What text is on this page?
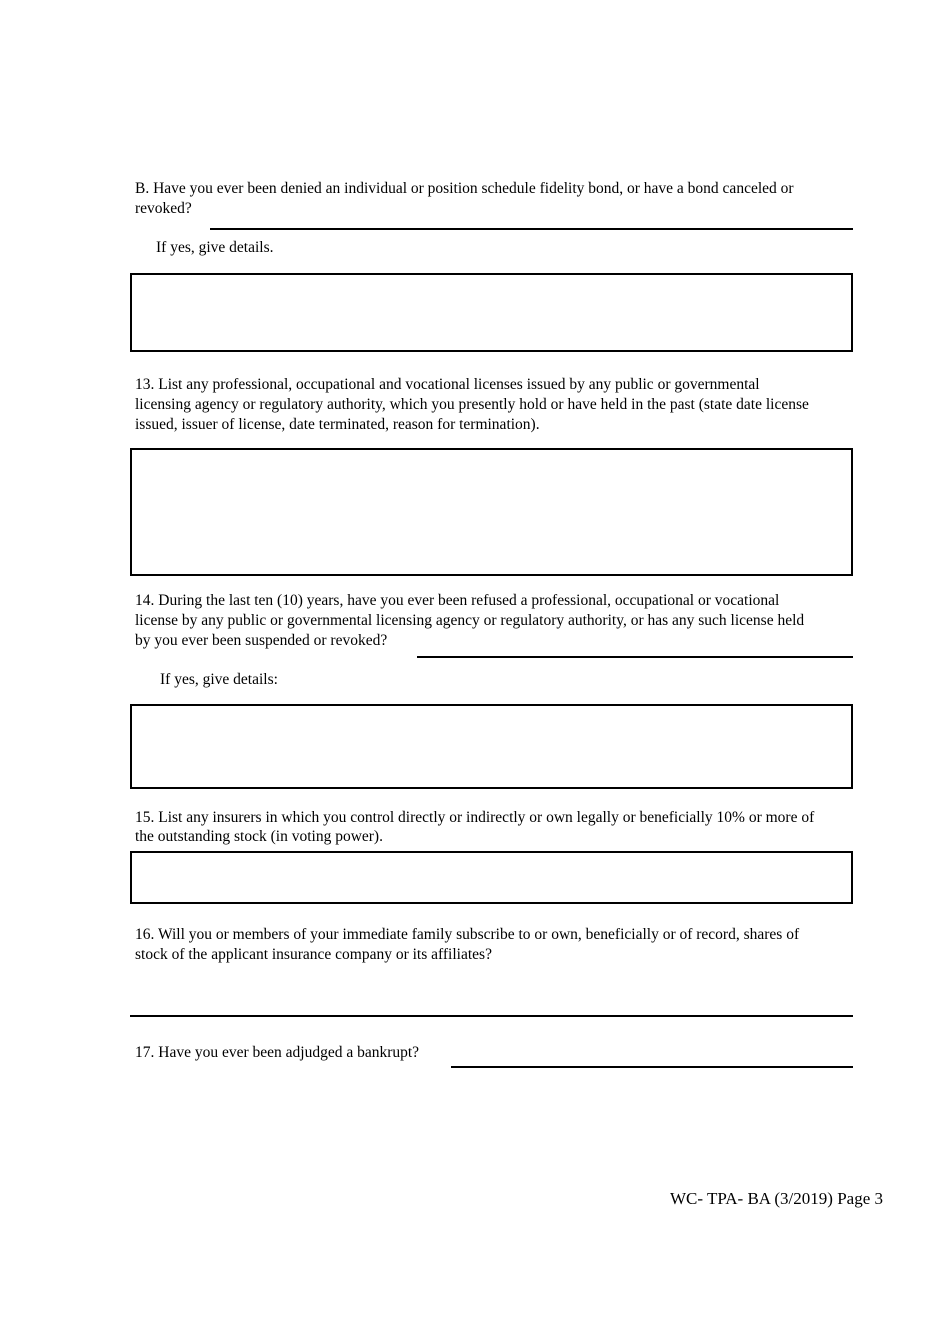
B. Have you ever been denied an individual or position schedule fidelity bond, or have a bond canceled or
revoked?
If yes, give details.
13. List any professional, occupational and vocational licenses issued by any public or governmental
licensing agency or regulatory authority, which you presently hold or have held in the past (state date license
issued, issuer of license, date terminated, reason for termination).
14. During the last ten (10) years, have you ever been refused a professional, occupational or vocational
license by any public or governmental licensing agency or regulatory authority, or has any such license held
by you ever been suspended or revoked?
If yes, give details:
15. List any insurers in which you control directly or indirectly or own legally or beneficially 10% or more of
the outstanding stock (in voting power).
16. Will you or members of your immediate family subscribe to or own, beneficially or of record, shares of
stock of the applicant insurance company or its affiliates?
17. Have you ever been adjudged a bankrupt?
WC- TPA- BA (3/2019) Page 3
